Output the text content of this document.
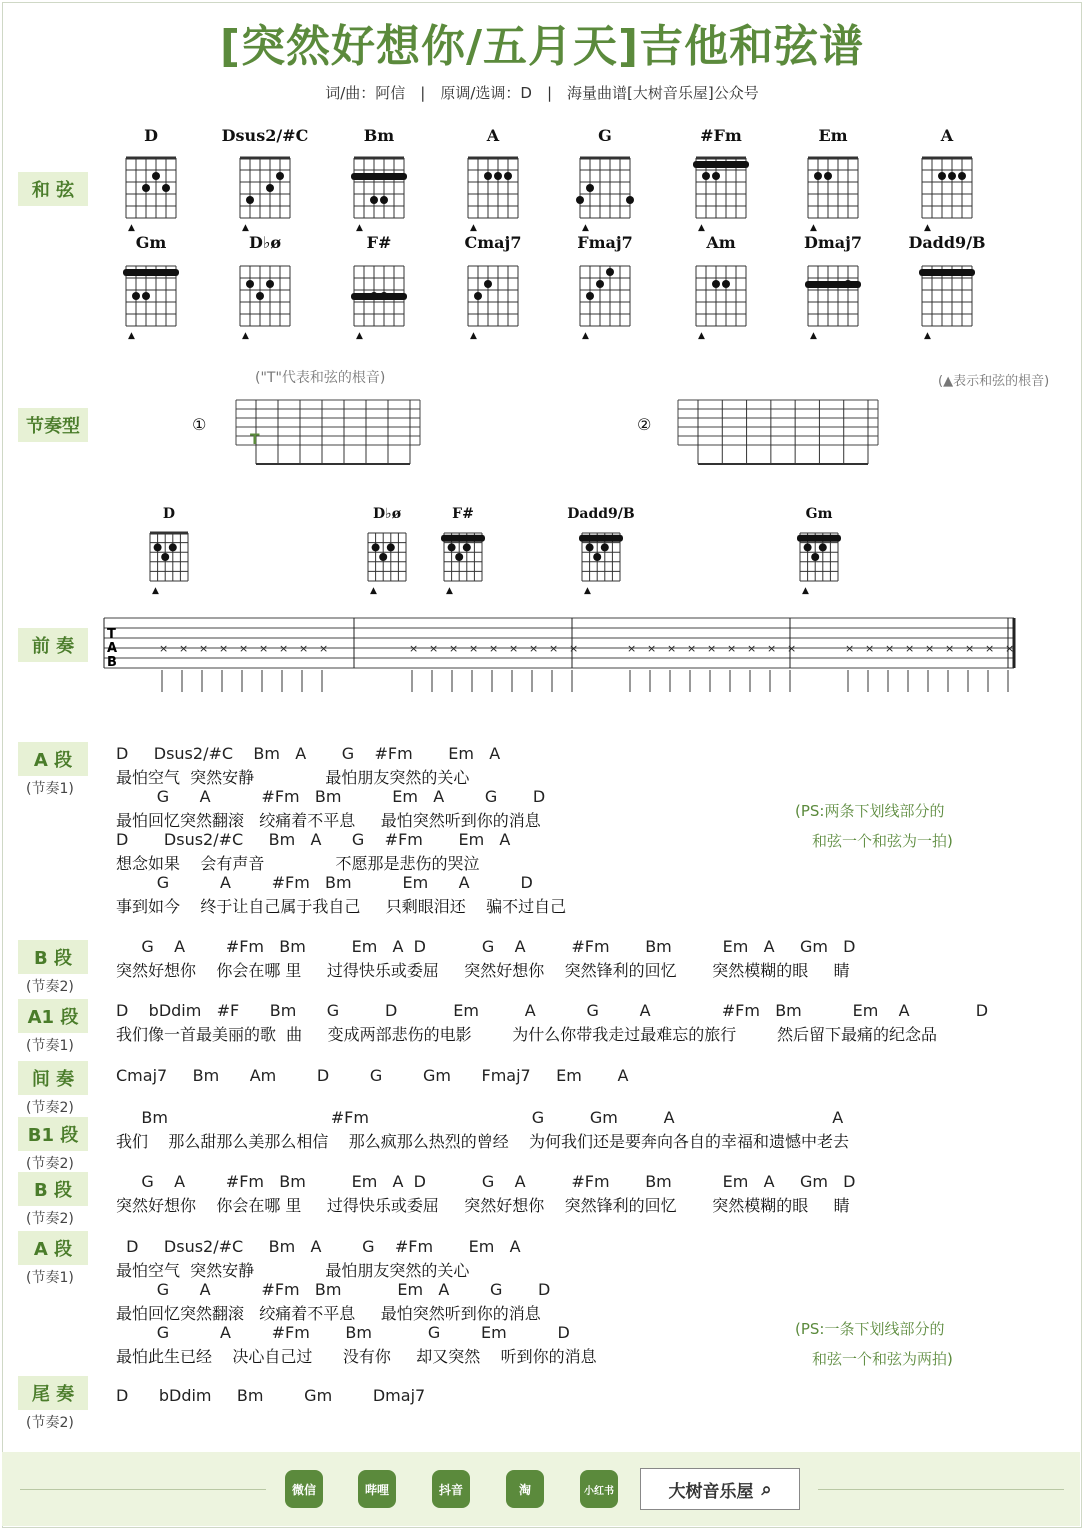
[突然好想你/五月天]吉他和弦谱
词/曲：阿信　|　原调/选调：D　|　海量曲谱[大树音乐屋]公众号
和 弦
节奏型
前 奏
▲
▲
▲
▲
▲
▲
▲
▲
▲
▲
▲
▲
▲
▲
▲
▲
D	Dsus2/#C	Bm	A	G	#Fm	Em	A
Gm	D♭ø	F#	Cmaj7	Fmaj7	Am	Dmaj7	Dadd9/B
("T"代表和弦的根音)	(▲表示和弦的根音)
①	②
T
▲	▲	▲	▲	▲
D	D♭ø	F#	Dadd9/B	Gm
T
A
B
× × × × × × × × ×	× × × × × × × × ×	× × × × × × × × ×	× × × × × × × × ×
A 段
(节奏1)
D     Dsus2/#C    Bm   A       G    #Fm       Em   A
最怕空气  突然安静              最怕朋友突然的关心
G      A          #Fm   Bm          Em   A        G       D
最怕回忆突然翻滚   绞痛着不平息     最怕突然听到你的消息
D       Dsus2/#C     Bm   A      G    #Fm       Em   A
想念如果    会有声音              不愿那是悲伤的哭泣
G          A        #Fm   Bm          Em      A          D
事到如今    终于让自己属于我自己     只剩眼泪还    骗不过自己
(PS:两条下划线部分的
和弦一个和弦为一拍)
B 段
(节奏2)
G    A        #Fm   Bm         Em   A  D           G    A         #Fm       Bm          Em   A     Gm   D
突然好想你    你会在哪 里     过得快乐或委屈     突然好想你    突然锋利的回忆       突然模糊的眼     睛
A1 段
(节奏1)
D    bDdim   #F      Bm      G         D           Em         A          G        A              #Fm   Bm          Em    A             D
我们像一首最美丽的歌  曲     变成两部悲伤的电影        为什么你带我走过最难忘的旅行        然后留下最痛的纪念品
间 奏
(节奏2)
Cmaj7     Bm      Am        D        G        Gm      Fmaj7     Em       A
B1 段
(节奏2)
Bm                                #Fm                                G         Gm         A                               A
我们    那么甜那么美那么相信    那么疯那么热烈的曾经    为何我们还是要奔向各自的幸福和遗憾中老去
B 段
(节奏2)
G    A        #Fm   Bm         Em   A  D           G    A         #Fm       Bm          Em   A     Gm   D
突然好想你    你会在哪 里     过得快乐或委屈     突然好想你    突然锋利的回忆       突然模糊的眼     睛
A 段
(节奏1)
D     Dsus2/#C     Bm   A        G    #Fm       Em   A
最怕空气  突然安静              最怕朋友突然的关心
G      A          #Fm   Bm           Em   A        G       D
最怕回忆突然翻滚   绞痛着不平息     最怕突然听到你的消息
G          A        #Fm       Bm           G        Em          D
最怕此生已经    决心自己过      没有你     却又突然    听到你的消息
(PS:一条下划线部分的
和弦一个和弦为两拍)
尾 奏
(节奏2)
D      bDdim     Bm        Gm        Dmaj7
微信	哔哩	抖音	淘	小红书	大树音乐屋 ⌕
